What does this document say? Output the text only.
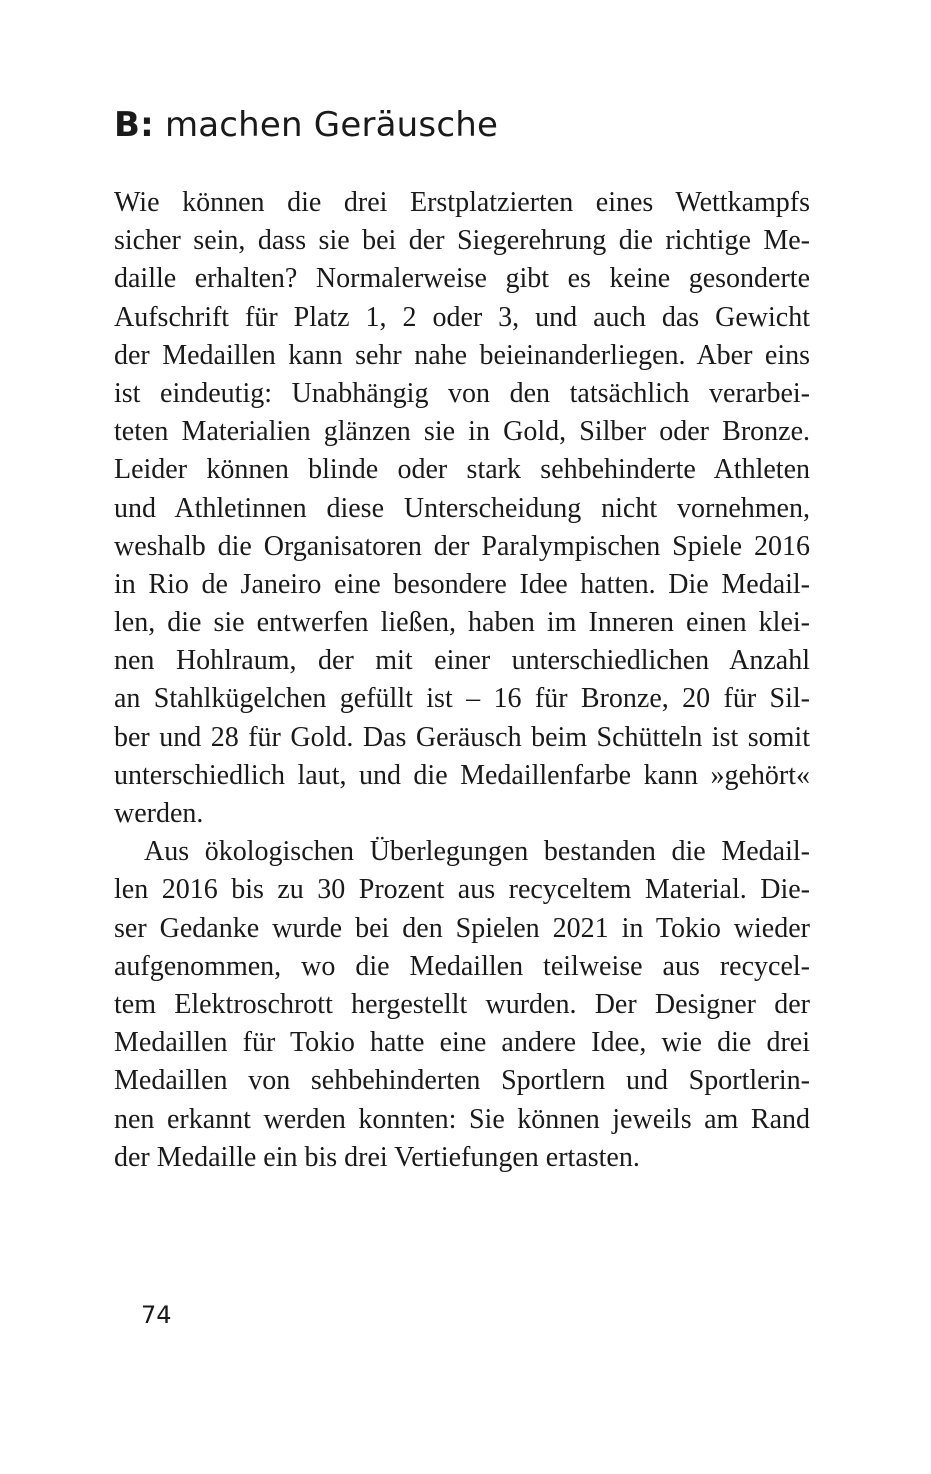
B: machen Geräusche
Wie können die drei Erstplatzierten eines Wettkampfs
sicher sein, dass sie bei der Siegerehrung die richtige Me-
daille erhalten? Normalerweise gibt es keine gesonderte
Aufschrift für Platz 1, 2 oder 3, und auch das Gewicht
der Medaillen kann sehr nahe beieinanderliegen. Aber eins
ist eindeutig: Unabhängig von den tatsächlich verarbei-
teten Materialien glänzen sie in Gold, Silber oder Bronze.
Leider können blinde oder stark sehbehinderte Athleten
und Athletinnen diese Unterscheidung nicht vornehmen,
weshalb die Organisatoren der Paralympischen Spiele 2016
in Rio de Janeiro eine besondere Idee hatten. Die Medail-
len, die sie entwerfen ließen, haben im Inneren einen klei-
nen Hohlraum, der mit einer unterschiedlichen Anzahl
an Stahlkügelchen gefüllt ist – 16 für Bronze, 20 für Sil-
ber und 28 für Gold. Das Geräusch beim Schütteln ist somit
unterschiedlich laut, und die Medaillenfarbe kann »gehört«
werden.
Aus ökologischen Überlegungen bestanden die Medail-
len 2016 bis zu 30 Prozent aus recyceltem Material. Die-
ser Gedanke wurde bei den Spielen 2021 in Tokio wieder
aufgenommen, wo die Medaillen teilweise aus recycel-
tem Elektroschrott hergestellt wurden. Der Designer der
Medaillen für Tokio hatte eine andere Idee, wie die drei
Medaillen von sehbehinderten Sportlern und Sportlerin-
nen erkannt werden konnten: Sie können jeweils am Rand
der Medaille ein bis drei Vertiefungen ertasten.

74
